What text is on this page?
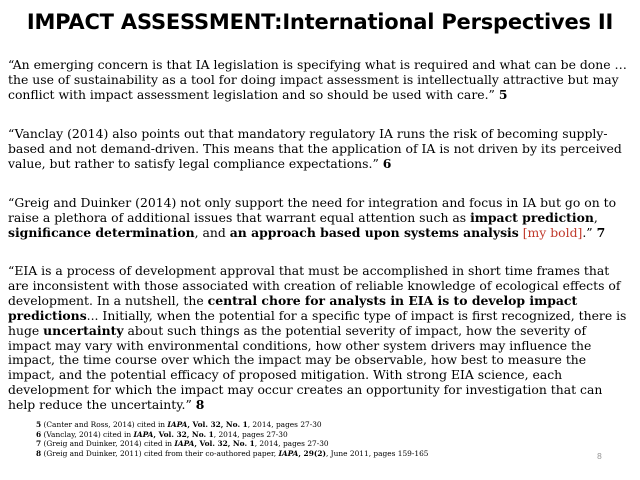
IMPACT ASSESSMENT:International Perspectives II

“An emerging concern is that IA legislation is specifying what is required and what can be done … the use of sustainability as a tool for doing impact assessment is intellectually attractive but may conflict with impact assessment legislation and so should be used with care.” 5

“Vanclay (2014) also points out that mandatory regulatory IA runs the risk of becoming supply-based and not demand-driven. This means that the application of IA is not driven by its perceived value, but rather to satisfy legal compliance expectations.” 6

“Greig and Duinker (2014) not only support the need for integration and focus in IA but go on to raise a plethora of additional issues that warrant equal attention such as impact prediction, significance determination, and an approach based upon systems analysis [my bold].” 7

“EIA is a process of development approval that must be accomplished in short time frames that are inconsistent with those associated with creation of reliable knowledge of ecological effects of development. In a nutshell, the central chore for analysts in EIA is to develop impact predictions... Initially, when the potential for a specific type of impact is first recognized, there is huge uncertainty about such things as the potential severity of impact, how the severity of impact may vary with environmental conditions, how other system drivers may influence the impact, the time course over which the impact may be observable, how best to measure the impact, and the potential efficacy of proposed mitigation. With strong EIA science, each development for which the impact may occur creates an opportunity for investigation that can help reduce the uncertainty.” 8

5 (Canter and Ross, 2014) cited in IAPA, Vol. 32, No. 1, 2014, pages 27-30
6 (Vanclay, 2014) cited in IAPA, Vol. 32, No. 1, 2014, pages 27-30
7 (Greig and Duinker, 2014) cited in IAPA, Vol. 32, No. 1, 2014, pages 27-30
8 (Greig and Duinker, 2011) cited from their co-authored paper, IAPA, 29(2), June 2011, pages 159-165	8
